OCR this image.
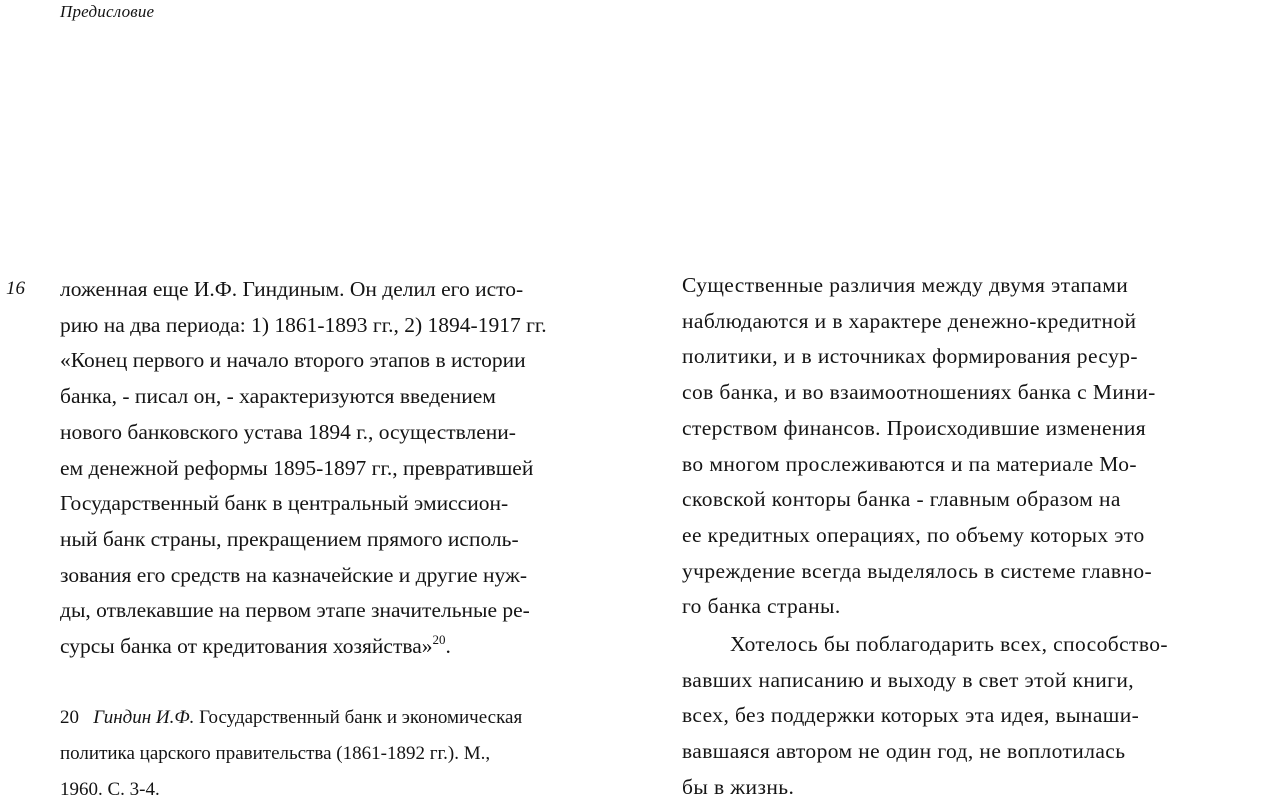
Предисловие
16 ложенная еще И.Ф. Гиндиным. Он делил его исто-
рию на два периода: 1) 1861-1893 гг., 2) 1894-1917 гг.
«Конец первого и начало второго этапов в истории
банка, - писал он, - характеризуются введением
нового банковского устава 1894 г., осуществлени-
ем денежной реформы 1895-1897 гг., превратившей
Государственный банк в центральный эмиссион-
ный банк страны, прекращением прямого исполь-
зования его средств на казначейские и другие нуж-
ды, отвлекавшие на первом этапе значительные ре-
сурсы банка от кредитования хозяйства»$^{20}$.
20 Гиндин И.Ф. Государственный банк и экономическая
политика царского правительства (1861-1892 гг.). М.,
1960. С. 3-4.
Существенные различия между двумя этапами
наблюдаются и в характере денежно-кредитной
политики, и в источниках формирования ресур-
сов банка, и во взаимоотношениях банка с Мини-
стерством финансов. Происходившие изменения
во многом прослеживаются и па материале Мо-
сковской конторы банка - главным образом на
ее кредитных операциях, по объему которых это
учреждение всегда выделялось в системе главно-
го банка страны.
Хотелось бы поблагодарить всех, способство-
вавших написанию и выходу в свет этой книги,
всех, без поддержки которых эта идея, вынаши-
вавшаяся автором не один год, не воплотилась
бы в жизнь.
